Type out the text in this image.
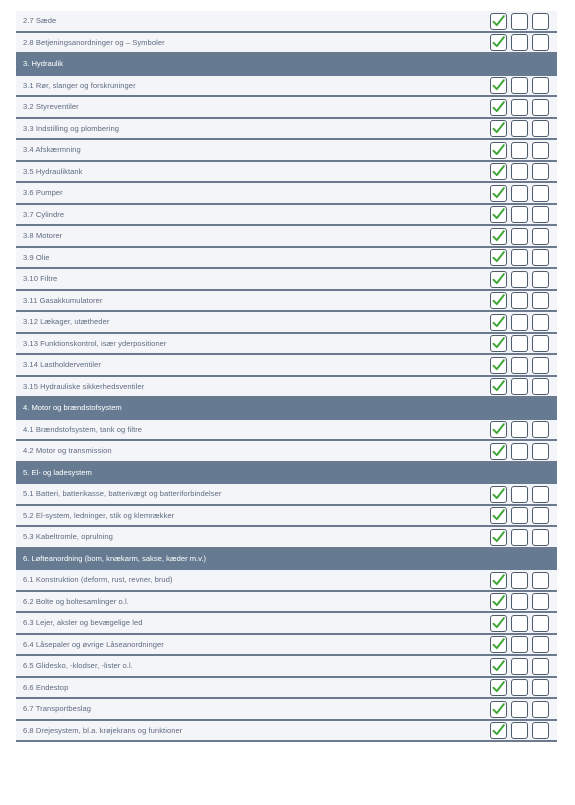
2.7 Sæde
2.8 Betjeningsanordninger og – Symboler
3. Hydraulik
3.1 Rør, slanger og forskruninger
3.2 Styreventiler
3.3 Indstilling og plombering
3.4 Afskærmning
3.5 Hydrauliktank
3.6 Pumper
3.7 Cylindre
3.8 Motorer
3.9 Olie
3.10 Filtre
3.11 Gasakkumulatorer
3.12 Lækager, utætheder
3.13 Funktionskontrol, især yderpositioner
3.14 Lastholderventiler
3.15 Hydrauliske sikkerhedsventiler
4. Motor og brændstofsystem
4.1 Brændstofsystem, tank og filtre
4.2 Motor og transmission
5. El- og ladesystem
5.1 Batteri, batterikasse, batterivægt og batteriforbindelser
5.2 El-system, ledninger, stik og klemrækker
5.3 Kabeltromle, oprulning
6. Løfteanordning (bom, knækarm, sakse, kæder m.v.)
6.1 Konstruktion (deform, rust, revner, brud)
6.2 Bolte og boltesamlinger o.l.
6.3 Lejer, aksler og bevægelige led
6.4 Låsepaler og øvrige Låseanordninger
6.5 Glidesko, -klodser, -lister o.l.
6.6 Endestop
6.7 Transportbeslag
6.8 Drejesystem, bl.a. krøjekrans og funktioner
